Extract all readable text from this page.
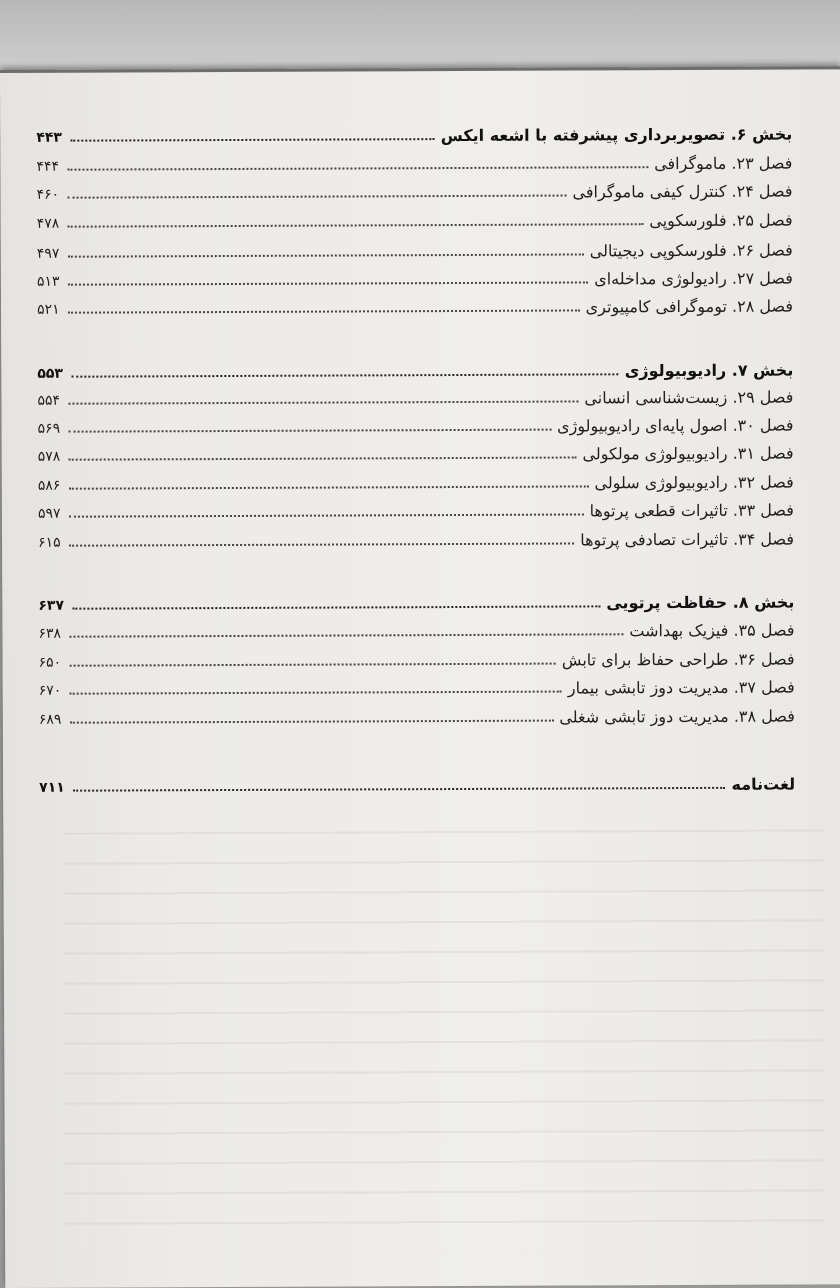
۴۴۳	بخش ۶. تصویربرداری پیشرفته با اشعه ایکس
۴۴۴	فصل ۲۳. ماموگرافی
۴۶۰	فصل ۲۴. کنترل کیفی ماموگرافی
۴۷۸	فصل ۲۵. فلورسکوپی
۴۹۷	فصل ۲۶. فلورسکوپی دیجیتالی
۵۱۳	فصل ۲۷. رادیولوژی مداخله‌ای
۵۲۱	فصل ۲۸. توموگرافی کامپیوتری
۵۵۳	بخش ۷. رادیوبیولوژی
۵۵۴	فصل ۲۹. زیست‌شناسی انسانی
۵۶۹	فصل ۳۰. اصول پایه‌ای رادیوبیولوژی
۵۷۸	فصل ۳۱. رادیوبیولوژی مولکولی
۵۸۶	فصل ۳۲. رادیوبیولوژی سلولی
۵۹۷	فصل ۳۳. تاثیرات قطعی پرتوها
۶۱۵	فصل ۳۴. تاثیرات تصادفی پرتوها
۶۳۷	بخش ۸. حفاظت پرتویی
۶۳۸	فصل ۳۵. فیزیک بهداشت
۶۵۰	فصل ۳۶. طراحی حفاظ برای تابش
۶۷۰	فصل ۳۷. مدیریت دوز تابشی بیمار
۶۸۹	فصل ۳۸. مدیریت دوز تابشی شغلی
۷۱۱	لغت‌نامه
